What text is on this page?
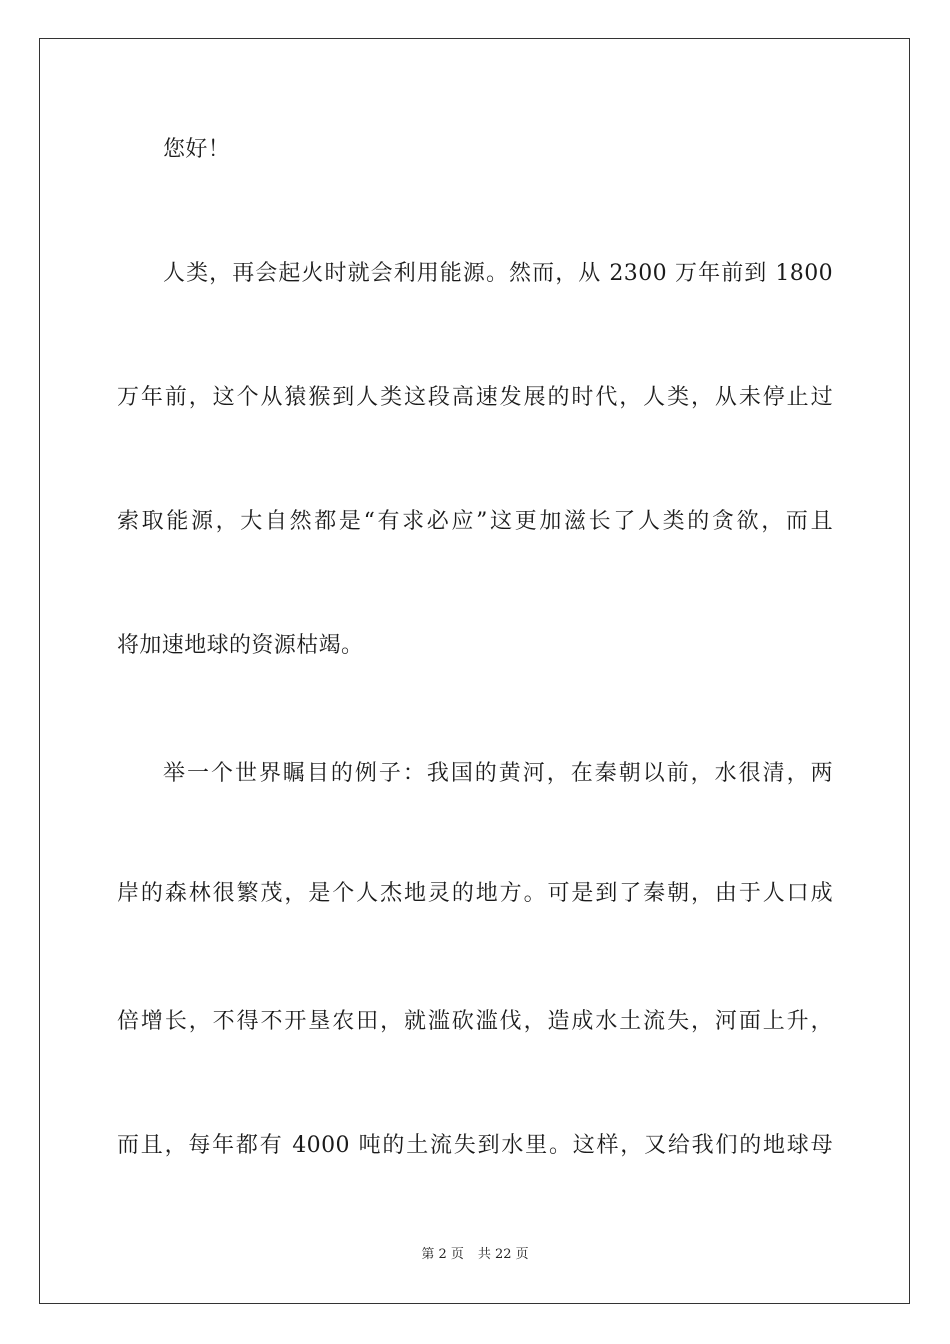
您好！
人类，再会起火时就会利用能源。然而，从 2300 万年前到 1800
万年前，这个从猿猴到人类这段高速发展的时代，人类，从未停止过
索取能源，大自然都是“有求必应”这更加滋长了人类的贪欲，而且
将加速地球的资源枯竭。
举一个世界瞩目的例子：我国的黄河，在秦朝以前，水很清，两
岸的森林很繁茂，是个人杰地灵的地方。可是到了秦朝，由于人口成
倍增长，不得不开垦农田，就滥砍滥伐，造成水土流失，河面上升，
而且，每年都有 4000 吨的土流失到水里。这样，又给我们的地球母
第 2 页 共 22 页
